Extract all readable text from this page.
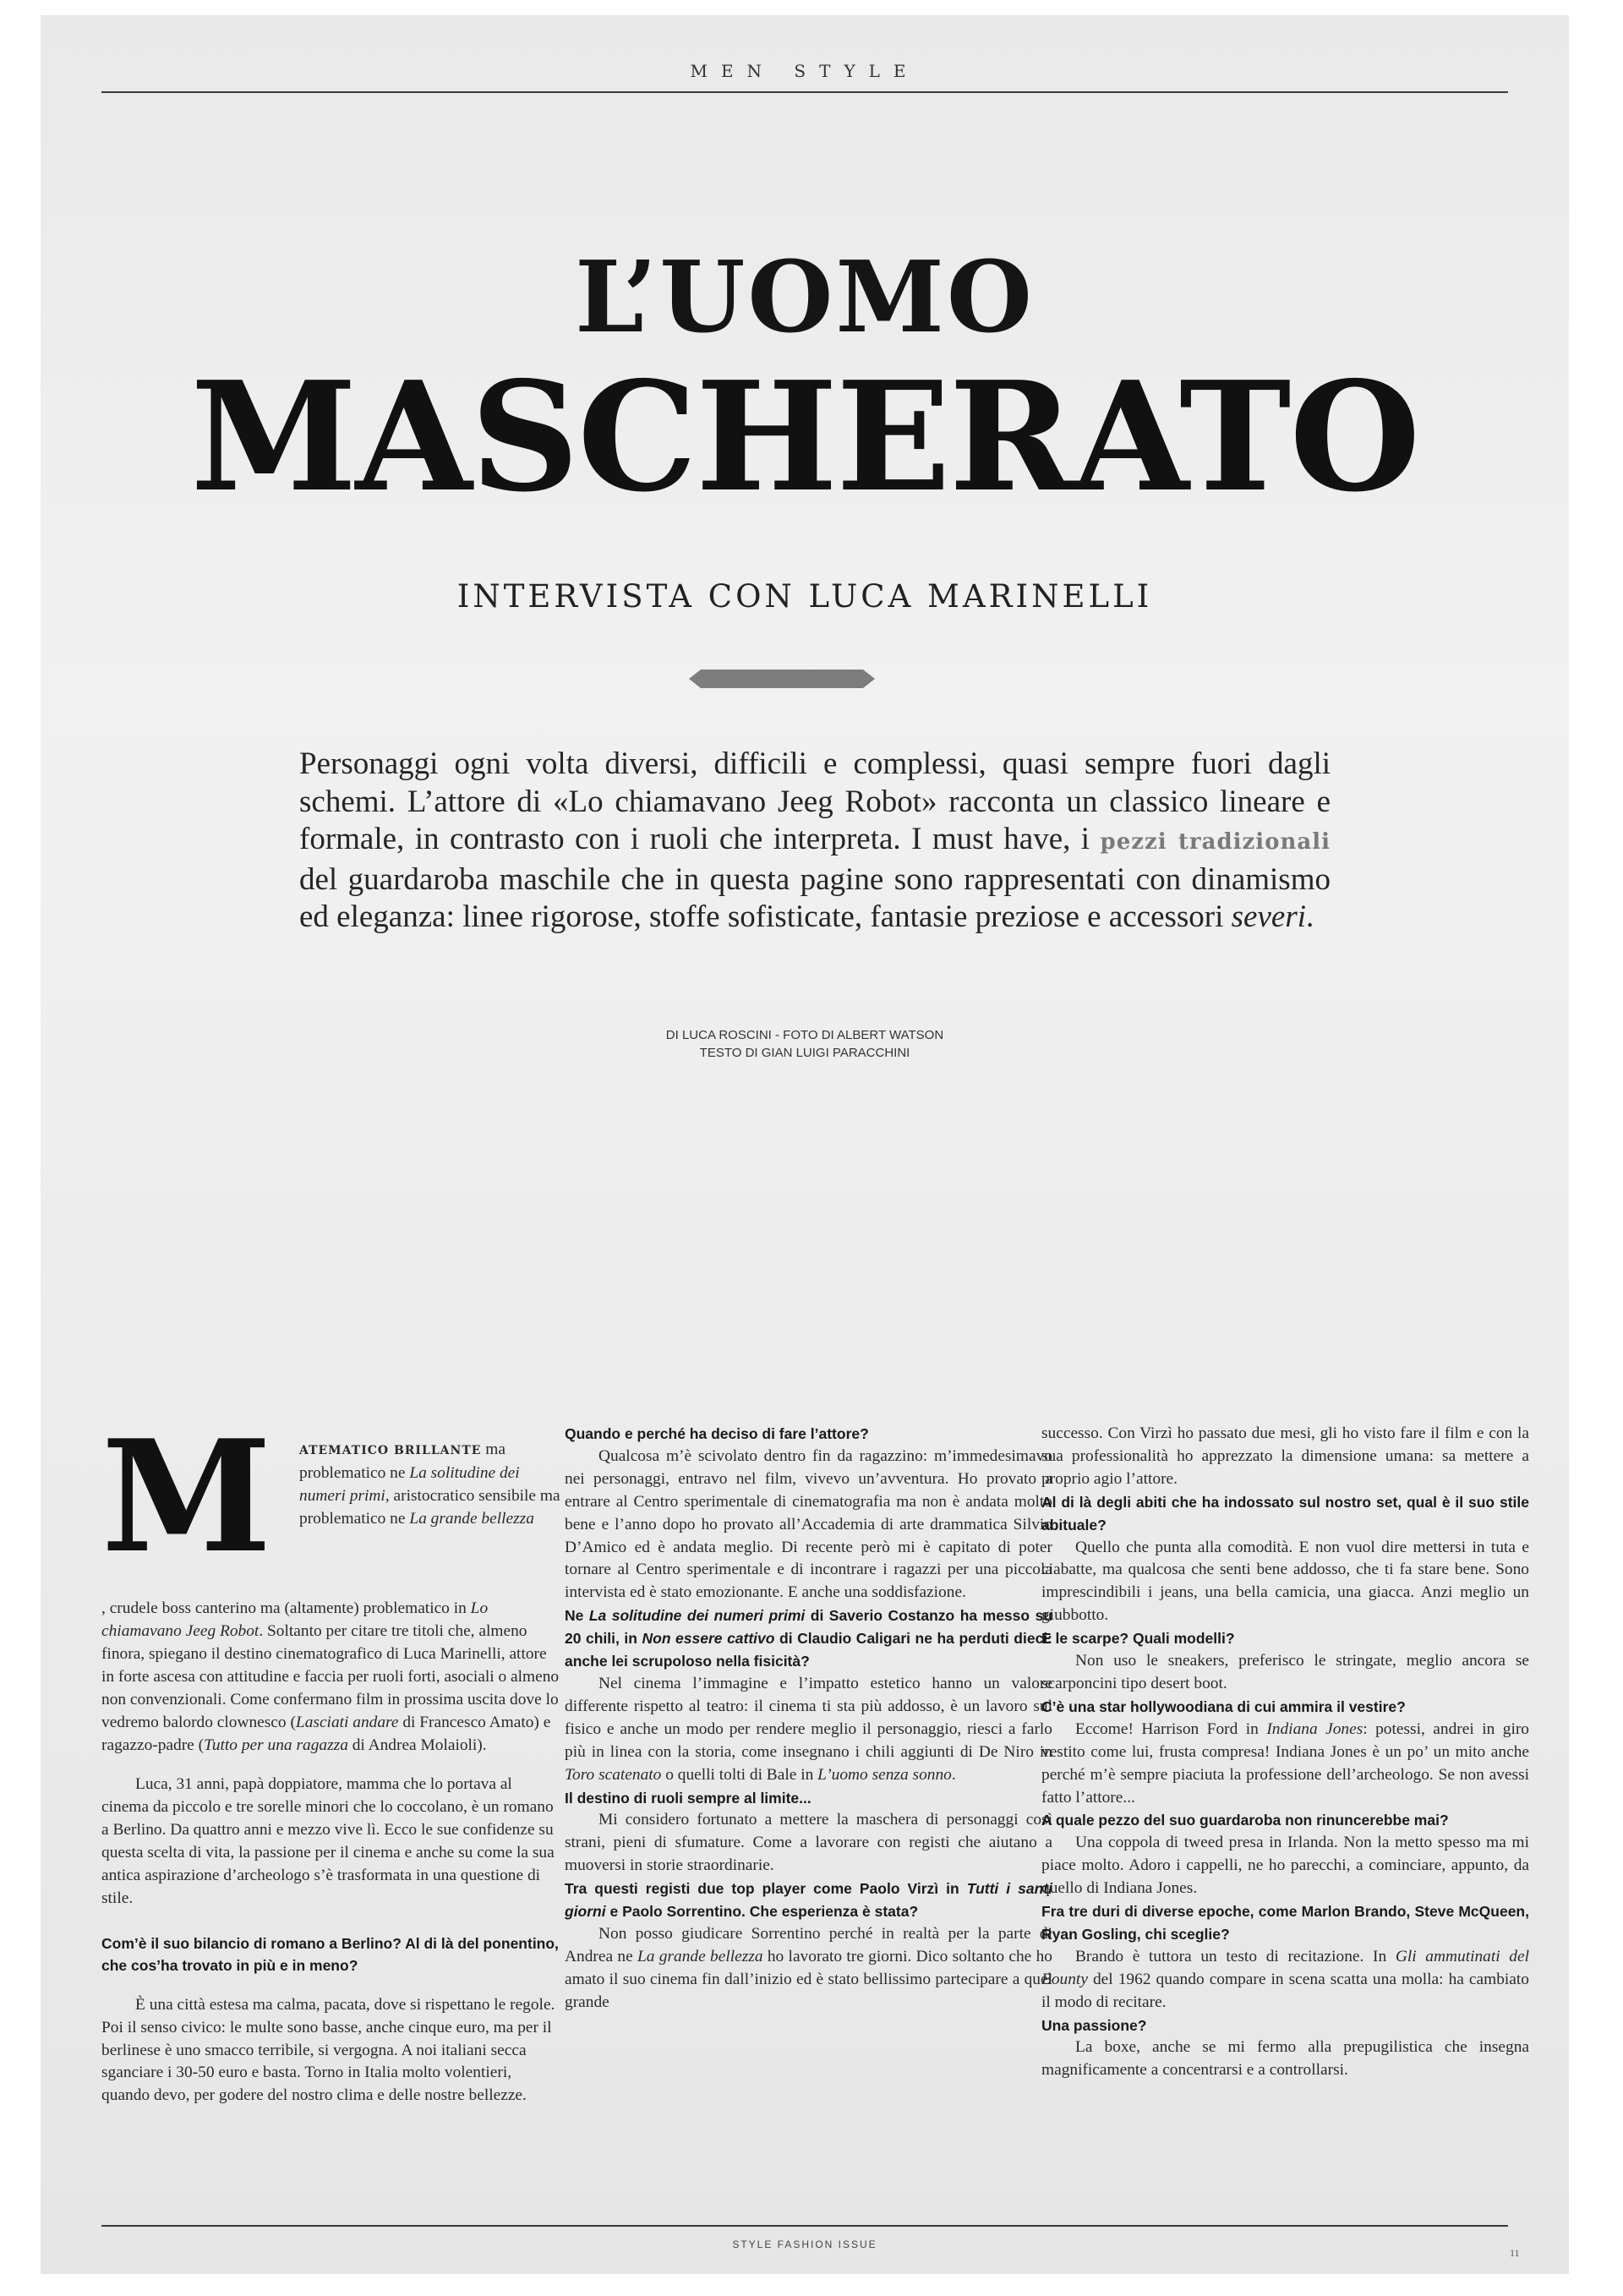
MEN STYLE
L’UOMO
MASCHERATO
INTERVISTA CON LUCA MARINELLI
Personaggi ogni volta diversi, difficili e complessi, quasi sempre fuori dagli schemi. L’attore di «Lo chiamavano Jeeg Robot» racconta un classico lineare e formale, in contrasto con i ruoli che interpreta. I must have, i pezzi tradizionali del guardaroba maschile che in questa pagine sono rappresentati con dinamismo ed eleganza: linee rigorose, stoffe sofisticate, fantasie preziose e accessori severi.
DI LUCA ROSCINI - FOTO DI ALBERT WATSON
TESTO DI GIAN LUIGI PARACCHINI
M ATEMATICO BRILLANTE ma problematico ne La solitudine dei numeri primi, aristocratico sensibile ma problematico ne La grande bellezza

, crudele boss canterino ma (altamente) problematico in Lo chiamavano Jeeg Robot. Soltanto per citare tre titoli che, almeno finora, spiegano il destino cinematografico di Luca Marinelli, attore in forte ascesa con attitudine e faccia per ruoli forti, asociali o almeno non convenzionali. Come confermano film in prossima uscita dove lo vedremo balordo clownesco (Lasciati andare di Francesco Amato) e ragazzo-padre (Tutto per una ragazza di Andrea Molaioli).

Luca, 31 anni, papà doppiatore, mamma che lo portava al cinema da piccolo e tre sorelle minori che lo coccolano, è un romano a Berlino. Da quattro anni e mezzo vive lì. Ecco le sue confidenze su questa scelta di vita, la passione per il cinema e anche su come la sua antica aspirazione d’archeologo s’è trasformata in una questione di stile.

Com’è il suo bilancio di romano a Berlino? Al di là del ponentino, che cos’ha trovato in più e in meno?

È una città estesa ma calma, pacata, dove si rispettano le regole. Poi il senso civico: le multe sono basse, anche cinque euro, ma per il berlinese è uno smacco terribile, si vergogna. A noi italiani secca sganciare i 30-50 euro e basta. Torno in Italia molto volentieri, quando devo, per godere del nostro clima e delle nostre bellezze.

Quando e perché ha deciso di fare l’attore?

Qualcosa m’è scivolato dentro fin da ragazzino: m’immedesimavo nei personaggi, entravo nel film, vivevo un’avventura. Ho provato a entrare al Centro sperimentale di cinematografia ma non è andata molto bene e l’anno dopo ho provato all’Accademia di arte drammatica Silvio D’Amico ed è andata meglio. Di recente però mi è capitato di poter tornare al Centro sperimentale e di incontrare i ragazzi per una piccola intervista ed è stato emozionante. E anche una soddisfazione.

Ne La solitudine dei numeri primi di Saverio Costanzo ha messo su 20 chili, in Non essere cattivo di Claudio Caligari ne ha perduti dieci: anche lei scrupoloso nella fisicità?

Nel cinema l’immagine e l’impatto estetico hanno un valore differente rispetto al teatro: il cinema ti sta più addosso, è un lavoro sul fisico e anche un modo per rendere meglio il personaggio, riesci a farlo più in linea con la storia, come insegnano i chili aggiunti di De Niro in Toro scatenato o quelli tolti di Bale in L’uomo senza sonno.

Il destino di ruoli sempre al limite...

Mi considero fortunato a mettere la maschera di personaggi così strani, pieni di sfumature. Come a lavorare con registi che aiutano a muoversi in storie straordinarie.

Tra questi registi due top player come Paolo Virzì in Tutti i santi giorni e Paolo Sorrentino. Che esperienza è stata?

Non posso giudicare Sorrentino perché in realtà per la parte di Andrea ne La grande bellezza ho lavorato tre giorni. Dico soltanto che ho amato il suo cinema fin dall’inizio ed è stato bellissimo partecipare a quel grande

successo. Con Virzì ho passato due mesi, gli ho visto fare il film e con la sua professionalità ho apprezzato la dimensione umana: sa mettere a proprio agio l’attore.

Al di là degli abiti che ha indossato sul nostro set, qual è il suo stile abituale?

Quello che punta alla comodità. E non vuol dire mettersi in tuta e ciabatte, ma qualcosa che senti bene addosso, che ti fa stare bene. Sono imprescindibili i jeans, una bella camicia, una giacca. Anzi meglio un giubbotto.

E le scarpe? Quali modelli?

Non uso le sneakers, preferisco le stringate, meglio ancora se scarponcini tipo desert boot.

C’è una star hollywoodiana di cui ammira il vestire?

Eccome! Harrison Ford in Indiana Jones: potessi, andrei in giro vestito come lui, frusta compresa! Indiana Jones è un po’ un mito anche perché m’è sempre piaciuta la professione dell’archeologo. Se non avessi fatto l’attore...

A quale pezzo del suo guardaroba non rinuncerebbe mai?

Una coppola di tweed presa in Irlanda. Non la metto spesso ma mi piace molto. Adoro i cappelli, ne ho parecchi, a cominciare, appunto, da quello di Indiana Jones.

Fra tre duri di diverse epoche, come Marlon Brando, Steve McQueen, Ryan Gosling, chi sceglie?

Brando è tuttora un testo di recitazione. In Gli ammutinati del Bounty del 1962 quando compare in scena scatta una molla: ha cambiato il modo di recitare.

Una passione?

La boxe, anche se mi fermo alla prepugilistica che insegna magnificamente a concentrarsi e a controllarsi.

STYLE FASHION ISSUE
11
